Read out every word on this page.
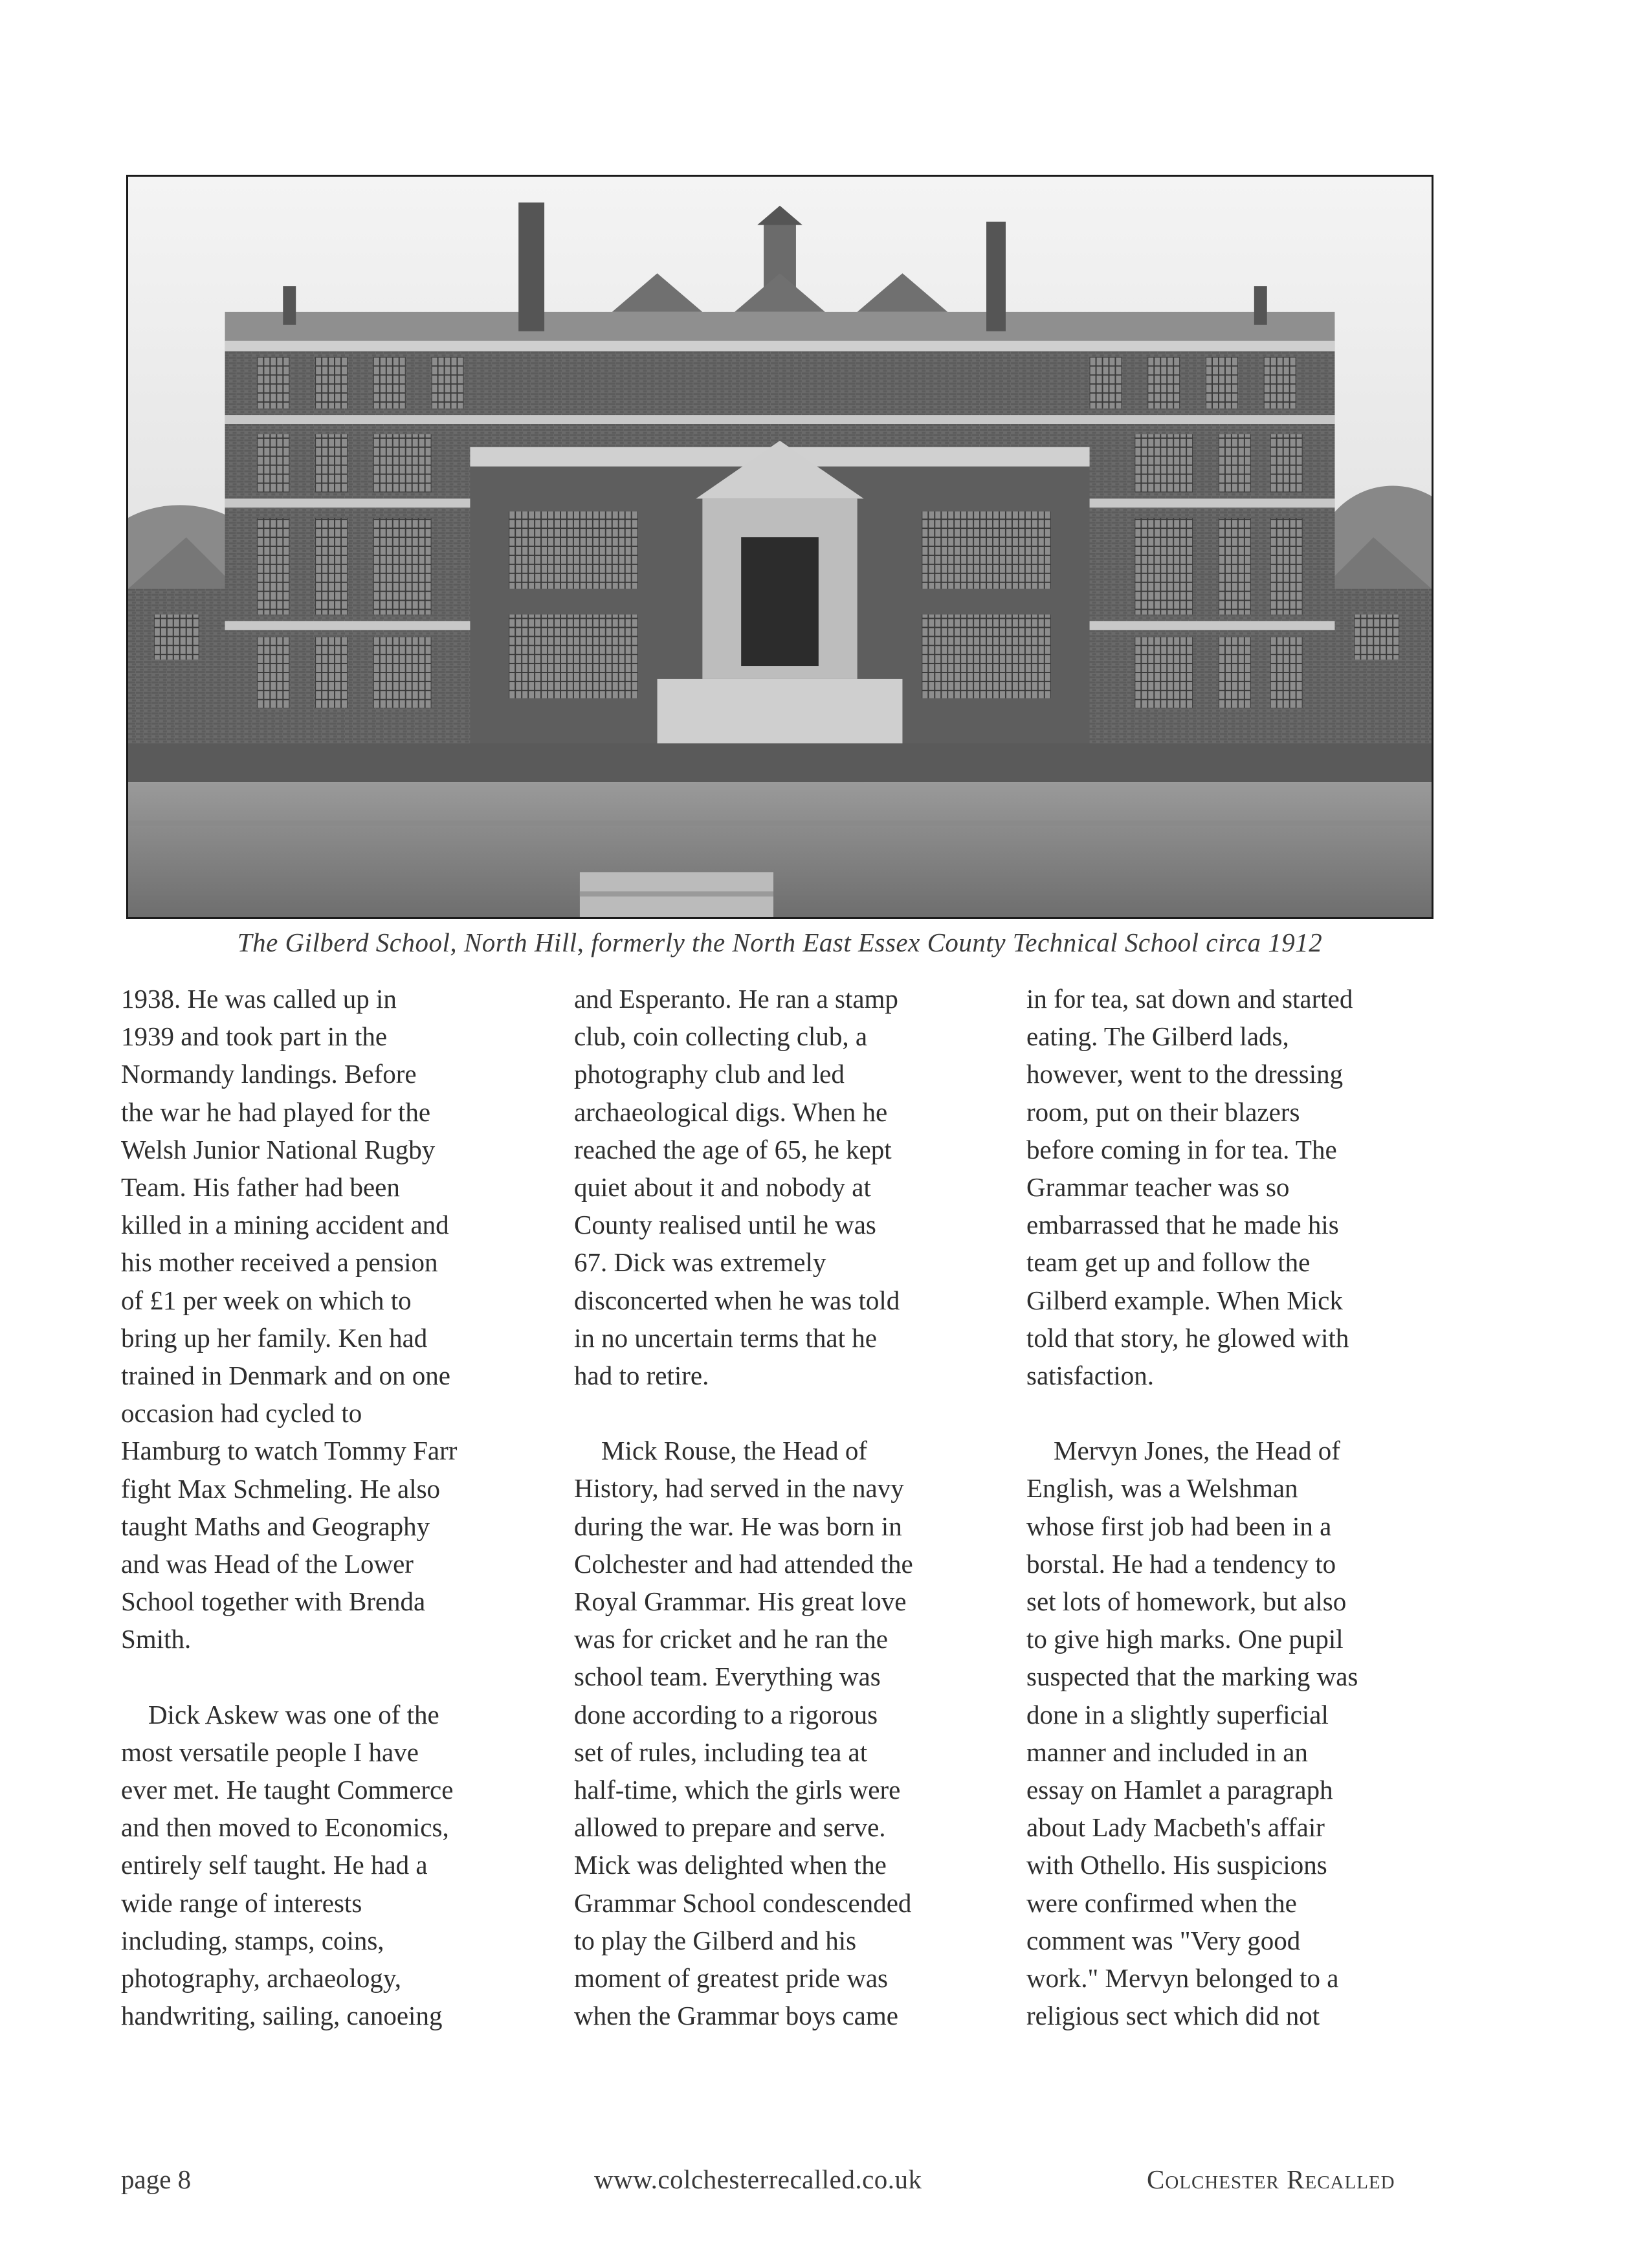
The Gilberd School, North Hill, formerly the North East Essex County Technical School circa 1912

1938. He was called up in

1939 and took part in the

Normandy landings. Before

the war he had played for the

Welsh Junior National Rugby

Team. His father had been

killed in a mining accident and

his mother received a pension

of £1 per week on which to

bring up her family. Ken had

trained in Denmark and on one

occasion had cycled to

Hamburg to watch Tommy Farr

fight Max Schmeling. He also

taught Maths and Geography

and was Head of the Lower

School together with Brenda

Smith.

Dick Askew was one of the

most versatile people I have

ever met. He taught Commerce

and then moved to Economics,

entirely self taught. He had a

wide range of interests

including, stamps, coins,

photography, archaeology,

handwriting, sailing, canoeing

and Esperanto. He ran a stamp

club, coin collecting club, a

photography club and led

archaeological digs. When he

reached the age of 65, he kept

quiet about it and nobody at

County realised until he was

67. Dick was extremely

disconcerted when he was told

in no uncertain terms that he

had to retire.

Mick Rouse, the Head of

History, had served in the navy

during the war. He was born in

Colchester and had attended the

Royal Grammar. His great love

was for cricket and he ran the

school team. Everything was

done according to a rigorous

set of rules, including tea at

half-time, which the girls were

allowed to prepare and serve.

Mick was delighted when the

Grammar School condescended

to play the Gilberd and his

moment of greatest pride was

when the Grammar boys came

in for tea, sat down and started

eating. The Gilberd lads,

however, went to the dressing

room, put on their blazers

before coming in for tea. The

Grammar teacher was so

embarrassed that he made his

team get up and follow the

Gilberd example. When Mick

told that story, he glowed with

satisfaction.

Mervyn Jones, the Head of

English, was a Welshman

whose first job had been in a

borstal. He had a tendency to

set lots of homework, but also

to give high marks. One pupil

suspected that the marking was

done in a slightly superficial

manner and included in an

essay on Hamlet a paragraph

about Lady Macbeth's affair

with Othello. His suspicions

were confirmed when the

comment was "Very good

work." Mervyn belonged to a

religious sect which did not

page 8	www.colchesterrecalled.co.uk	Colchester Recalled
